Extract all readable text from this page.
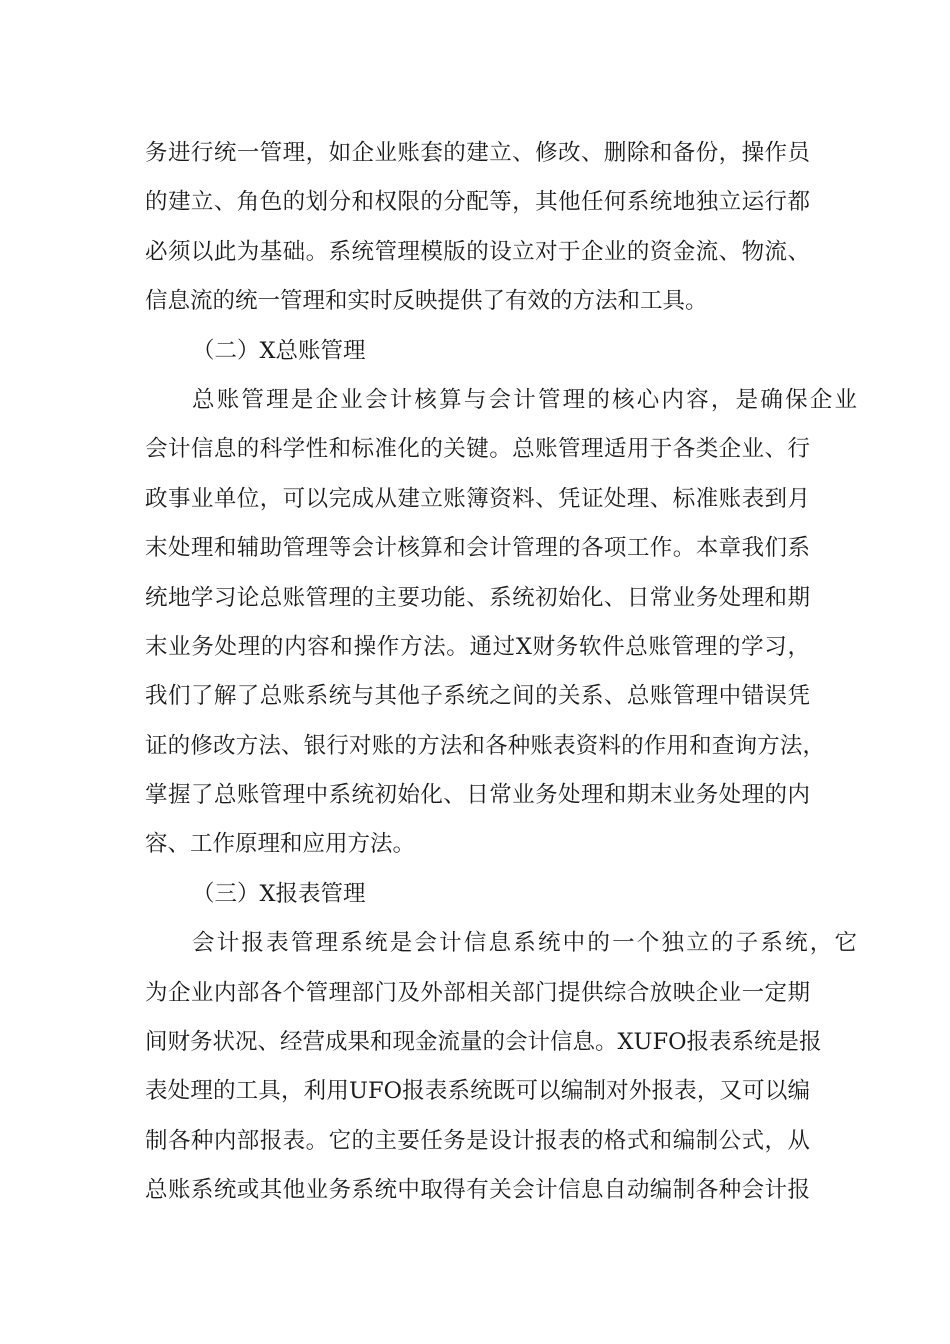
务进行统一管理，如企业账套的建立、修改、删除和备份，操作员
的建立、角色的划分和权限的分配等，其他任何系统地独立运行都
必须以此为基础。系统管理模版的设立对于企业的资金流、物流、
信息流的统一管理和实时反映提供了有效的方法和工具。
（二）X总账管理
总账管理是企业会计核算与会计管理的核心内容，是确保企业
会计信息的科学性和标准化的关键。总账管理适用于各类企业、行
政事业单位，可以完成从建立账簿资料、凭证处理、标准账表到月
末处理和辅助管理等会计核算和会计管理的各项工作。本章我们系
统地学习论总账管理的主要功能、系统初始化、日常业务处理和期
末业务处理的内容和操作方法。通过X财务软件总账管理的学习，
我们了解了总账系统与其他子系统之间的关系、总账管理中错误凭
证的修改方法、银行对账的方法和各种账表资料的作用和查询方法，
掌握了总账管理中系统初始化、日常业务处理和期末业务处理的内
容、工作原理和应用方法。
（三）X报表管理
会计报表管理系统是会计信息系统中的一个独立的子系统，它
为企业内部各个管理部门及外部相关部门提供综合放映企业一定期
间财务状况、经营成果和现金流量的会计信息。XUFO报表系统是报
表处理的工具，利用UFO报表系统既可以编制对外报表，又可以编
制各种内部报表。它的主要任务是设计报表的格式和编制公式，从
总账系统或其他业务系统中取得有关会计信息自动编制各种会计报
